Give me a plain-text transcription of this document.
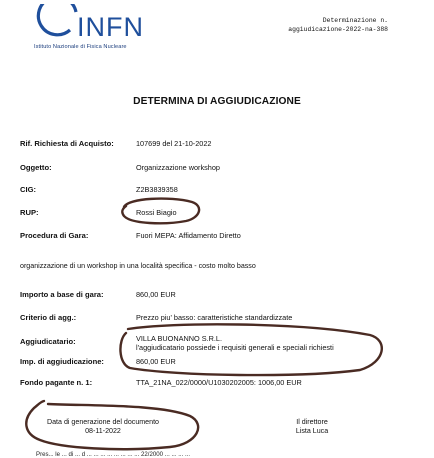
INFN
Istituto Nazionale di Fisica Nucleare
Determinazione n.
aggiudicazione-2022-na-388
DETERMINA DI AGGIUDICAZIONE
Rif. Richiesta di Acquisto:	107699 del 21-10-2022
Oggetto:	Organizzazione workshop
CIG:	Z2B3839358
RUP:	Rossi Biagio
Procedura di Gara:	Fuori MEPA: Affidamento Diretto
organizzazione di un workshop in una località specifica - costo molto basso
Importo a base di gara:	860,00 EUR
Criterio di agg.:	Prezzo piu' basso: caratteristiche standardizzate
Aggiudicatario:	VILLA BUONANNO S.R.L.
l'aggiudicatario possiede i requisiti generali e speciali richiesti
Imp. di aggiudicazione:	860,00 EUR
Fondo pagante n. 1:	TTA_21NA_022/0000/U1030202005: 1006,00 EUR
Data di generazione del documento
08-11-2022
Il direttore
Lista Luca
Pres... le ... di ... d ... ... ... ... ... ... ... ... 22/2000 ... ... ... ...
